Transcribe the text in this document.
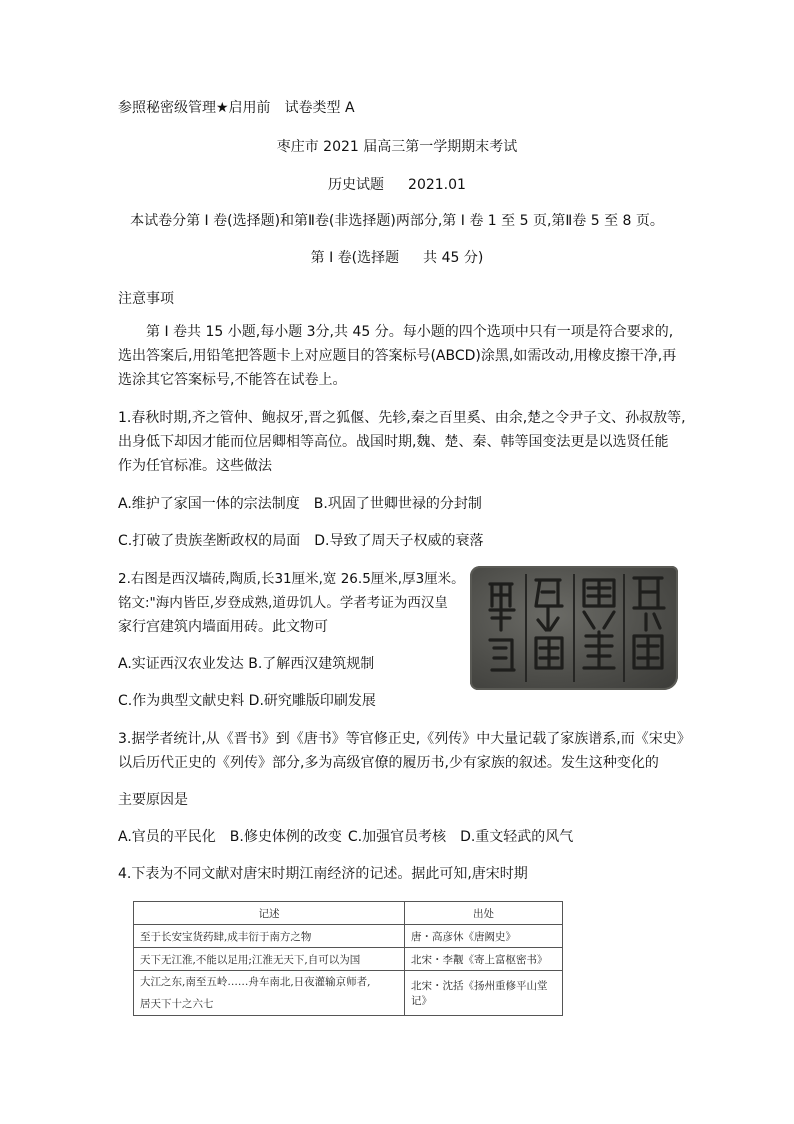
参照秘密级管理★启用前 试卷类型 A
枣庄市 2021 届高三第一学期期末考试
历史试题 2021.01
本试卷分第 I 卷(选择题)和第Ⅱ卷(非选择题)两部分,第 I 卷 1 至 5 页,第Ⅱ卷 5 至 8 页。
第 I 卷(选择题 共 45 分)
注意事项
第 I 卷共 15 小题,每小题 3分,共 45 分。每小题的四个选项中只有一项是符合要求的,选出答案后,用铅笔把答题卡上对应题目的答案标号(ABCD)涂黑,如需改动,用橡皮擦干净,再选涂其它答案标号,不能答在试卷上。
1.春秋时期,齐之管仲、鲍叔牙,晋之狐偃、先轸,秦之百里奚、由余,楚之令尹子文、孙叔敖等,
出身低下却因才能而位居卿相等高位。战国时期,魏、楚、秦、韩等国变法更是以选贤任能
作为任官标准。这些做法
A.维护了家国一体的宗法制度 B.巩固了世卿世禄的分封制
C.打破了贵族垄断政权的局面 D.导致了周天子权威的衰落
2.右图是西汉墙砖,陶质,长31厘米,宽 26.5厘米,厚3厘米。
铭文:"海内皆臣,岁登成熟,道毋饥人。学者考证为西汉皇
家行宫建筑内墙面用砖。此文物可
A.实证西汉农业发达 B.了解西汉建筑规制
C.作为典型文献史料 D.研究雕版印刷发展
3.据学者统计,从《晋书》到《唐书》等官修正史,《列传》中大量记载了家族谱系,而《宋史》
以后历代正史的《列传》部分,多为高级官僚的履历书,少有家族的叙述。发生这种变化的
主要原因是
A.官员的平民化 B.修史体例的改变 C.加强官员考核 D.重文轻武的风气
4.下表为不同文献对唐宋时期江南经济的记述。据此可知,唐宋时期
记述	出处
至于长安宝货药肆,成丰衍于南方之物	唐・高彦休《唐阙史》
天下无江淮,不能以足用;江淮无天下,自可以为国	北宋・李觏《寄上富枢密书》

大江之东,南至五岭……舟车南北,日夜灌输京师者,
居天下十之六七	北宋・沈括《扬州重修平山堂记》
